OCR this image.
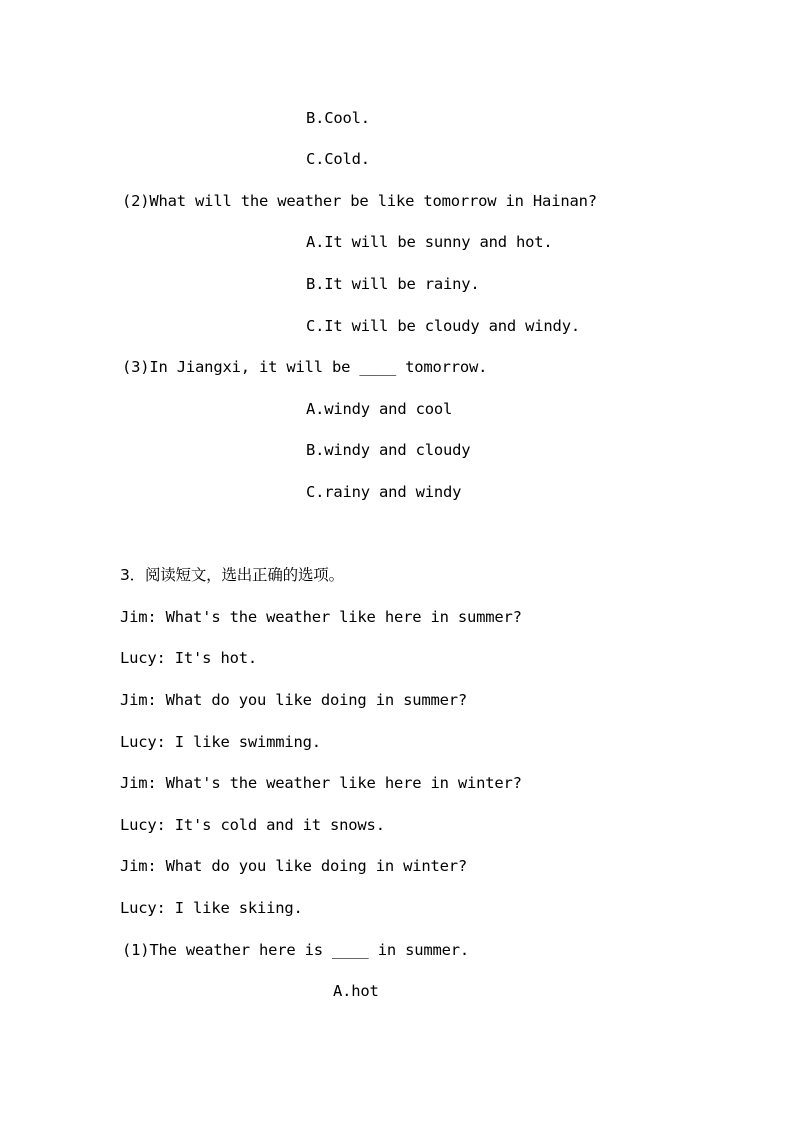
B.Cool.
C.Cold.
(2)What will the weather be like tomorrow in Hainan?
A.It will be sunny and hot.
B.It will be rainy.
C.It will be cloudy and windy.
(3)In Jiangxi, it will be ____ tomorrow.
A.windy and cool
B.windy and cloudy
C.rainy and windy
3．阅读短文，选出正确的选项。
Jim: What's the weather like here in summer?
Lucy: It's hot.
Jim: What do you like doing in summer?
Lucy: I like swimming.
Jim: What's the weather like here in winter?
Lucy: It's cold and it snows.
Jim: What do you like doing in winter?
Lucy: I like skiing.
(1)The weather here is ____ in summer.
A.hot
